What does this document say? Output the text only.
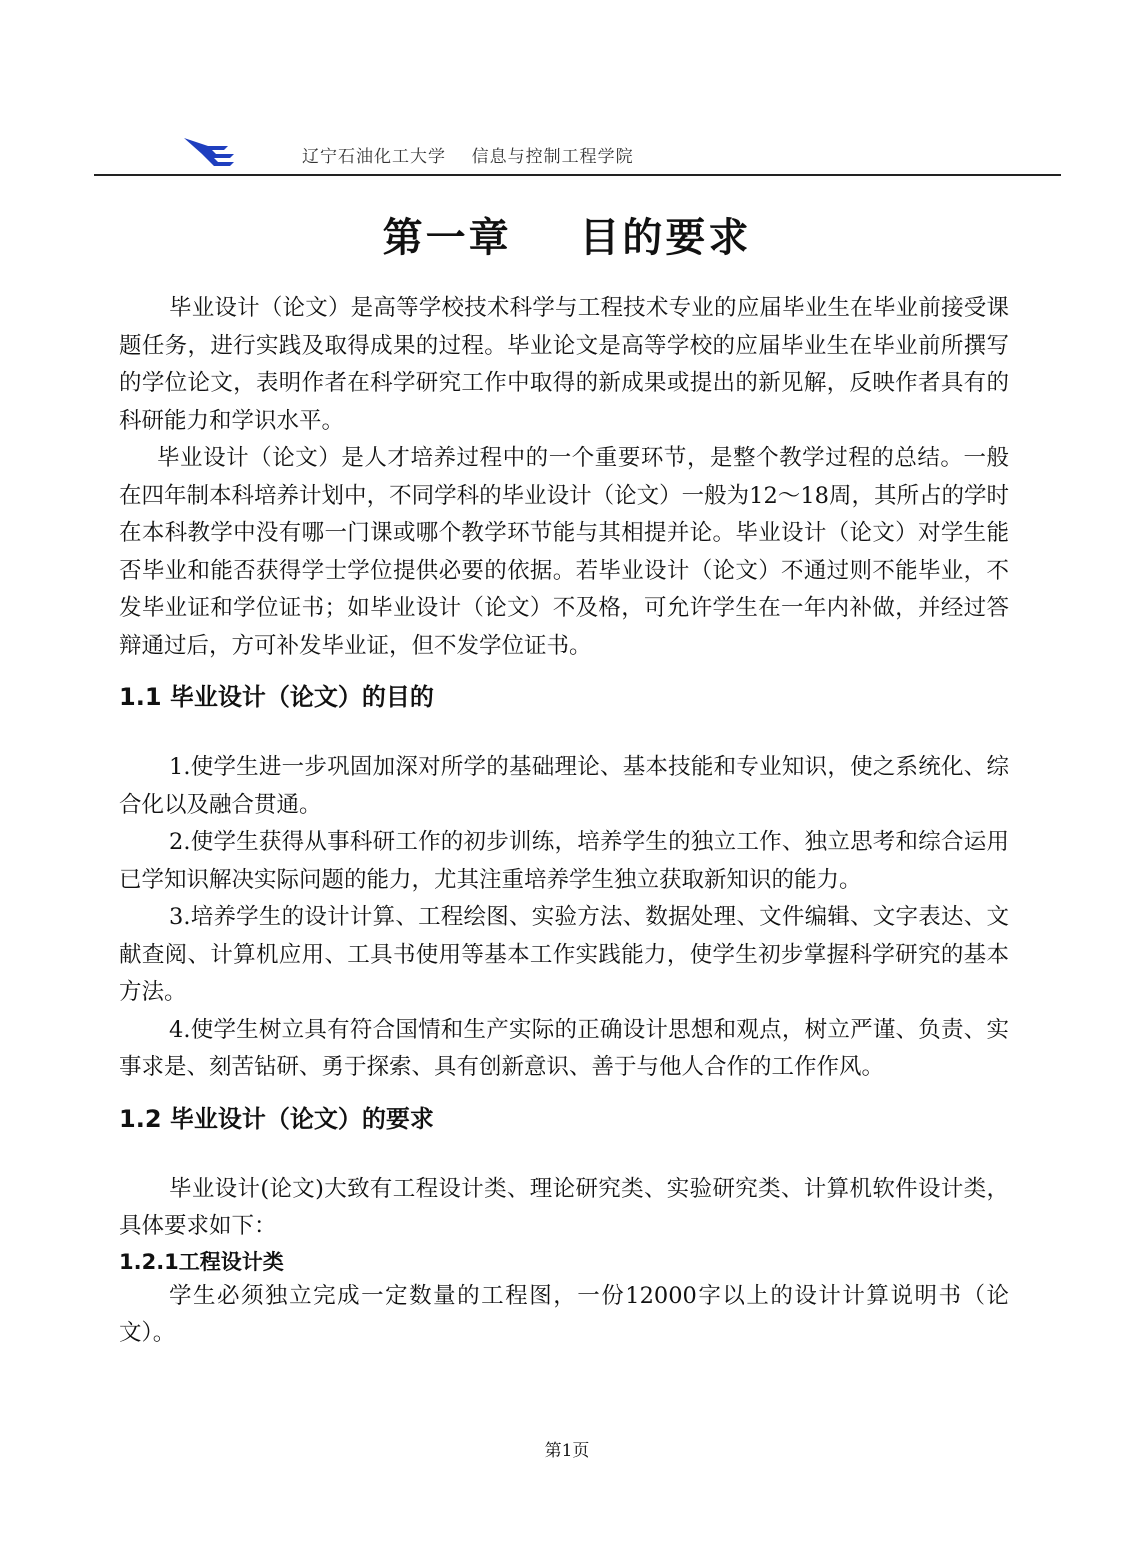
辽宁石油化工大学    信息与控制工程学院
第一章    目的要求

毕业设计（论文）是高等学校技术科学与工程技术专业的应届毕业生在毕业前接受课题任务，进行实践及取得成果的过程。毕业论文是高等学校的应届毕业生在毕业前所撰写的学位论文，表明作者在科学研究工作中取得的新成果或提出的新见解，反映作者具有的科研能力和学识水平。

毕业设计（论文）是人才培养过程中的一个重要环节，是整个教学过程的总结。一般在四年制本科培养计划中，不同学科的毕业设计（论文）一般为12～18周，其所占的学时在本科教学中没有哪一门课或哪个教学环节能与其相提并论。毕业设计（论文）对学生能否毕业和能否获得学士学位提供必要的依据。若毕业设计（论文）不通过则不能毕业，不发毕业证和学位证书；如毕业设计（论文）不及格，可允许学生在一年内补做，并经过答辩通过后，方可补发毕业证，但不发学位证书。

1.1 毕业设计（论文）的目的

1.使学生进一步巩固加深对所学的基础理论、基本技能和专业知识，使之系统化、综合化以及融合贯通。

2.使学生获得从事科研工作的初步训练，培养学生的独立工作、独立思考和综合运用已学知识解决实际问题的能力，尤其注重培养学生独立获取新知识的能力。

3.培养学生的设计计算、工程绘图、实验方法、数据处理、文件编辑、文字表达、文献查阅、计算机应用、工具书使用等基本工作实践能力，使学生初步掌握科学研究的基本方法。

4.使学生树立具有符合国情和生产实际的正确设计思想和观点，树立严谨、负责、实事求是、刻苦钻研、勇于探索、具有创新意识、善于与他人合作的工作作风。

1.2 毕业设计（论文）的要求

毕业设计(论文)大致有工程设计类、理论研究类、实验研究类、计算机软件设计类，具体要求如下：

1.2.1工程设计类

学生必须独立完成一定数量的工程图，一份12000字以上的设计计算说明书（论文）。

第1页
